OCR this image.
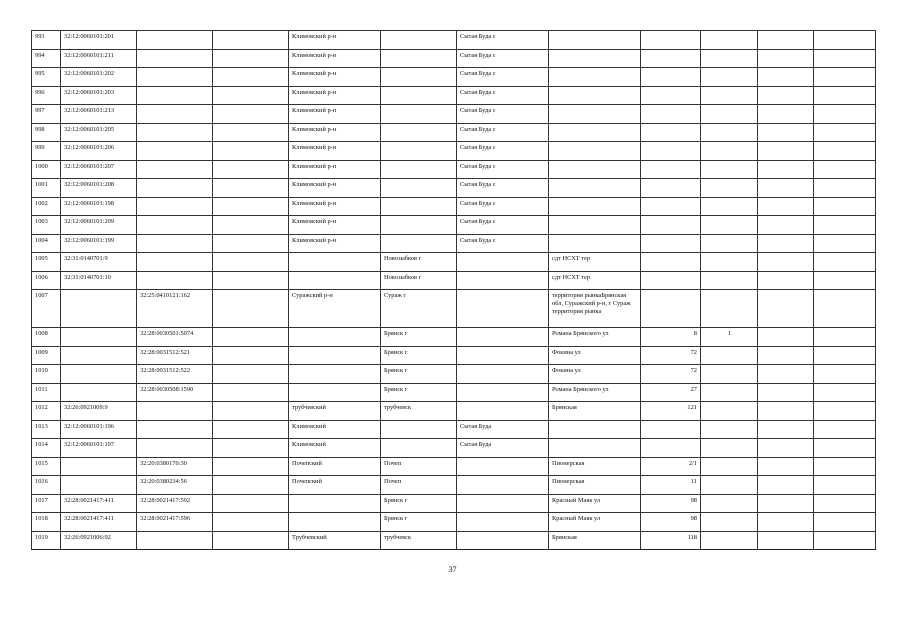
993	32:12:0060101:201			Климовский р-н		Сытая Буда с					
994	32:12:0060101:211			Климовский р-н		Сытая Буда с					
995	32:12:0060101:202			Климовский р-н		Сытая Буда с					
996	32:12:0060101:203			Климовский р-н		Сытая Буда с					
997	32:12:0060101:213			Климовский р-н		Сытая Буда с					
998	32:12:0060101:205			Климовский р-н		Сытая Буда с					
999	32:12:0060101:206			Климовский р-н		Сытая Буда с					
1000	32:12:0060101:207			Климовский р-н		Сытая Буда с					
1001	32:12:0060101:208			Климовский р-н		Сытая Буда с					
1002	32:12:0060101:198			Климовский р-н		Сытая Буда с					
1003	32:12:0060101:209			Климовский р-н		Сытая Буда с					
1004	32:12:0060101:199			Климовский р-н		Сытая Буда с					
1005	32:31:0140701:9				Новозыбков г		сдт НСХТ тер				
1006	32:31:0140701:10				Новозыбков г		сдт НСХТ тер				
1007		32:25:0410121:162		Суражский р-н	Сураж г		территория рынкаБрянская обл, Суражский р-н, г Сураж территория рынка				
1008		32:28:0030501:5074			Брянск г		Романа Брянского ул	8	1		
1009		32:28:0031512:521			Брянск г		Фокина ул	72			
1010		32:28:0031512:522			Брянск г		Фокина ул	72			
1011		32:28:0030508:1590			Брянск г		Романа Брянского ул	27			
1012	32:26:0921009:9			трубчевский	трубчевск		Брянская	121			
1013	32:12:0060101:196			Климовский		Сытая Буда					
1014	32:12:0060101:197			Климовский		Сытая Буда					
1015		32:20:0380170:30		Почепский	Почеп		Пионерская	2/1			
1016		32:20:0380234:56		Почепский	Почеп		Пионерская	11			
1017	32:28:0021417:411	32:28:0021417:592			Брянск г		Красный Маяк ул	98			
1018	32:28:0021417:411	32:28:0021417:596			Брянск г		Красный Маяк ул	98			
1019	32:26:0921006:92			Трубчевский	трубчевск		Брянская	118			
37
